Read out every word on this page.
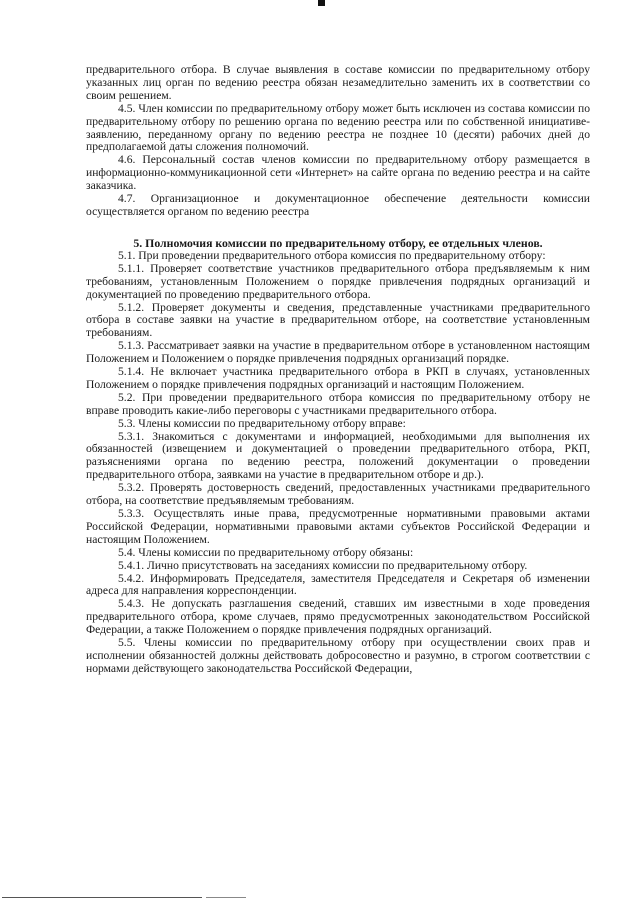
предварительного отбора. В случае выявления в составе комиссии по предварительному отбору указанных лиц орган по ведению реестра обязан незамедлительно заменить их в соответствии со своим решением.

4.5. Член комиссии по предварительному отбору может быть исключен из состава комиссии по предварительному отбору по решению органа по ведению реестра или по собственной инициативе-заявлению, переданному органу по ведению реестра не позднее 10 (десяти) рабочих дней до предполагаемой даты сложения полномочий.

4.6. Персональный состав членов комиссии по предварительному отбору размещается в информационно-коммуникационной сети «Интернет» на сайте органа по ведению реестра и на сайте заказчика.

4.7. Организационное и документационное обеспечение деятельности комиссии осуществляется органом по ведению реестра

5. Полномочия комиссии по предварительному отбору, ее отдельных членов.

5.1. При проведении предварительного отбора комиссия по предварительному отбору:

5.1.1. Проверяет соответствие участников предварительного отбора предъявляемым к ним требованиям, установленным Положением о порядке привлечения подрядных организаций и документацией по проведению предварительного отбора.

5.1.2. Проверяет документы и сведения, представленные участниками предварительного отбора в составе заявки на участие в предварительном отборе, на соответствие установленным требованиям.

5.1.3. Рассматривает заявки на участие в предварительном отборе в установленном настоящим Положением и Положением о порядке привлечения подрядных организаций порядке.

5.1.4. Не включает участника предварительного отбора в РКП в случаях, установленных Положением о порядке привлечения подрядных организаций и настоящим Положением.

5.2. При проведении предварительного отбора комиссия по предварительному отбору не вправе проводить какие-либо переговоры с участниками предварительного отбора.

5.3. Члены комиссии по предварительному отбору вправе:

5.3.1. Знакомиться с документами и информацией, необходимыми для выполнения их обязанностей (извещением и документацией о проведении предварительного отбора, РКП, разъяснениями органа по ведению реестра, положений документации о проведении предварительного отбора, заявками на участие в предварительном отборе и др.).

5.3.2. Проверять достоверность сведений, предоставленных участниками предварительного отбора, на соответствие предъявляемым требованиям.

5.3.3. Осуществлять иные права, предусмотренные нормативными правовыми актами Российской Федерации, нормативными правовыми актами субъектов Российской Федерации и настоящим Положением.

5.4. Члены комиссии по предварительному отбору обязаны:

5.4.1. Лично присутствовать на заседаниях комиссии по предварительному отбору.

5.4.2. Информировать Председателя, заместителя Председателя и Секретаря об изменении адреса для направления корреспонденции.

5.4.3. Не допускать разглашения сведений, ставших им известными в ходе проведения предварительного отбора, кроме случаев, прямо предусмотренных законодательством Российской Федерации, а также Положением о порядке привлечения подрядных организаций.

5.5. Члены комиссии по предварительному отбору при осуществлении своих прав и исполнении обязанностей должны действовать добросовестно и разумно, в строгом соответствии с нормами действующего законодательства Российской Федерации,
